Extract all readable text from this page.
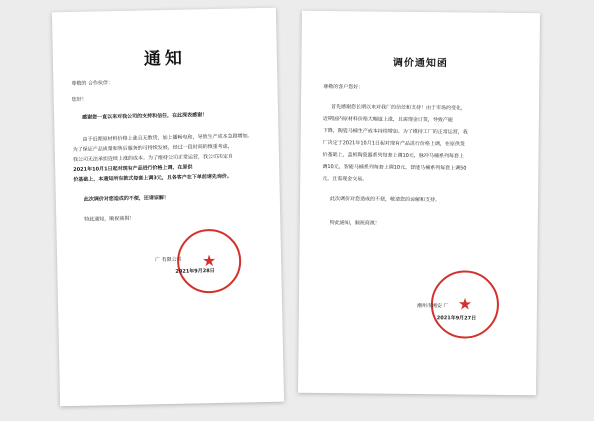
通知
尊敬的 合作伙伴：
您好！
感谢您一直以来对我公司的支持和信任，在此深表感谢！
由于近期原材料价格上涨且无数货，加上播畅电和，导致生产成本急剧增加。
为了保证产品质量和售后服务的可持续发展，经过一段时间的慎重考虑，
我公司无法承担连续上涨的成本。为了维持公司正常运营，我公司决定自
2021年10月1日起对现有产品进行价格上调，在原供
价基础上，本通知所有款式每套上调3元，且各客户在下单前请先询价。
此次调价对您造成的不便，还请谅解！
特此通知，顺祝商祺！
★
广 有限公司
2021年9月28日
调价通知函
尊敬的客户您好：
首先感谢您长期以来对我厂的信任和支持！由于市场的变化，
近期国内原材料价格大幅度上涨，且需现金订货，导致产能
下降，陶瓷马桶生产成本持续增加。为了维持工厂的正常运营，我
厂决定于2021年10月1日起对现有产品进行价格上调，在原供货
价基础上，盖板陶瓷器系列每套上调10元，脉冲马桶系列每套上
调10元，智能马桶系列每套上调10元，智能马桶系列每套上调50
元，且需现金交易。
此次调价对您造成的不便，敬请您的谅解和支持。
特此通知，顺祝商祺！
★
潮州市湘安 厂
2021年9月27日
